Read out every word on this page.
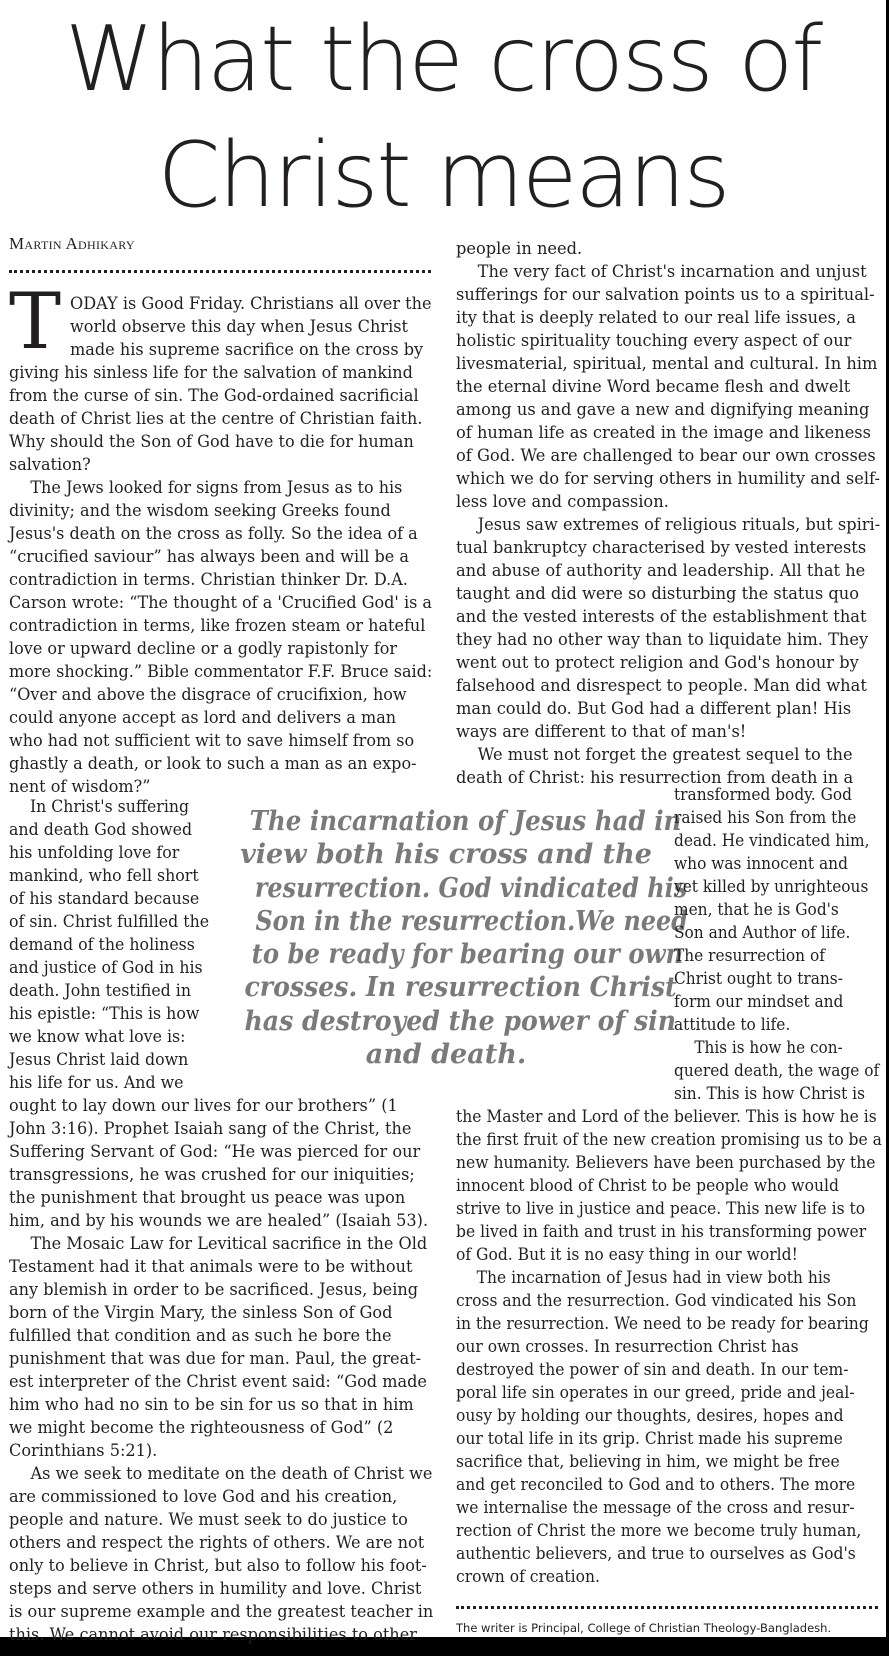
What the cross of
Christ means
Martin Adhikary
T ODAY is Good Friday. Christians all over the
world observe this day when Jesus Christ
made his supreme sacrifice on the cross by
giving his sinless life for the salvation of mankind
from the curse of sin. The God-ordained sacrificial
death of Christ lies at the centre of Christian faith.
Why should the Son of God have to die for human
salvation?
The Jews looked for signs from Jesus as to his
divinity; and the wisdom seeking Greeks found
Jesus's death on the cross as folly. So the idea of a
“crucified saviour” has always been and will be a
contradiction in terms. Christian thinker Dr. D.A.
Carson wrote: “The thought of a 'Crucified God' is a
contradiction in terms, like frozen steam or hateful
love or upward decline or a godly rapistonly for
more shocking.” Bible commentator F.F. Bruce said:
“Over and above the disgrace of crucifixion, how
could anyone accept as lord and delivers a man
who had not sufficient wit to save himself from so
ghastly a death, or look to such a man as an expo-
nent of wisdom?”
In Christ's suffering
and death God showed
his unfolding love for
mankind, who fell short
of his standard because
of sin. Christ fulfilled the
demand of the holiness
and justice of God in his
death. John testified in
his epistle: “This is how
we know what love is:
Jesus Christ laid down
his life for us. And we
ought to lay down our lives for our brothers” (1
John 3:16). Prophet Isaiah sang of the Christ, the
Suffering Servant of God: “He was pierced for our
transgressions, he was crushed for our iniquities;
the punishment that brought us peace was upon
him, and by his wounds we are healed” (Isaiah 53).
The Mosaic Law for Levitical sacrifice in the Old
Testament had it that animals were to be without
any blemish in order to be sacrificed. Jesus, being
born of the Virgin Mary, the sinless Son of God
fulfilled that condition and as such he bore the
punishment that was due for man. Paul, the great-
est interpreter of the Christ event said: “God made
him who had no sin to be sin for us so that in him
we might become the righteousness of God” (2
Corinthians 5:21).
As we seek to meditate on the death of Christ we
are commissioned to love God and his creation,
people and nature. We must seek to do justice to
others and respect the rights of others. We are not
only to believe in Christ, but also to follow his foot-
steps and serve others in humility and love. Christ
is our supreme example and the greatest teacher in
this. We cannot avoid our responsibilities to other
The incarnation of Jesus had in
view both his cross and the
resurrection. God vindicated his
Son in the resurrection.We need
to be ready for bearing our own
crosses. In resurrection Christ
has destroyed the power of sin
and death.
people in need.
The very fact of Christ's incarnation and unjust
sufferings for our salvation points us to a spiritual-
ity that is deeply related to our real life issues, a
holistic spirituality touching every aspect of our
livesmaterial, spiritual, mental and cultural. In him
the eternal divine Word became flesh and dwelt
among us and gave a new and dignifying meaning
of human life as created in the image and likeness
of God. We are challenged to bear our own crosses
which we do for serving others in humility and self-
less love and compassion.
Jesus saw extremes of religious rituals, but spiri-
tual bankruptcy characterised by vested interests
and abuse of authority and leadership. All that he
taught and did were so disturbing the status quo
and the vested interests of the establishment that
they had no other way than to liquidate him. They
went out to protect religion and God's honour by
falsehood and disrespect to people. Man did what
man could do. But God had a different plan! His
ways are different to that of man's!
We must not forget the greatest sequel to the
death of Christ: his resurrection from death in a
transformed body. God
raised his Son from the
dead. He vindicated him,
who was innocent and
yet killed by unrighteous
men, that he is God's
Son and Author of life.
The resurrection of
Christ ought to trans-
form our mindset and
attitude to life.
This is how he con-
quered death, the wage of
sin. This is how Christ is
the Master and Lord of the believer. This is how he is
the first fruit of the new creation promising us to be a
new humanity. Believers have been purchased by the
innocent blood of Christ to be people who would
strive to live in justice and peace. This new life is to
be lived in faith and trust in his transforming power
of God. But it is no easy thing in our world!
The incarnation of Jesus had in view both his
cross and the resurrection. God vindicated his Son
in the resurrection. We need to be ready for bearing
our own crosses. In resurrection Christ has
destroyed the power of sin and death. In our tem-
poral life sin operates in our greed, pride and jeal-
ousy by holding our thoughts, desires, hopes and
our total life in its grip. Christ made his supreme
sacrifice that, believing in him, we might be free
and get reconciled to God and to others. The more
we internalise the message of the cross and resur-
rection of Christ the more we become truly human,
authentic believers, and true to ourselves as God's
crown of creation.
The writer is Principal, College of Christian Theology-Bangladesh.
